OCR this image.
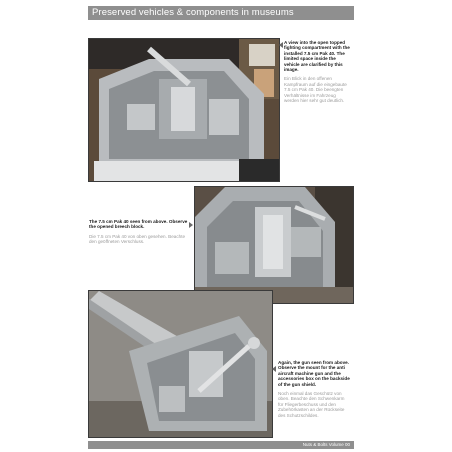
Preserved vehicles & components in museums
A view into the open topped fighting compartment with the installed 7.5 cm Pak 40. The limited space inside the vehicle are clarified by this image.
Ein Blick in den offenen Kampfraum auf die eingebaute 7.5 cm Pak 40. Die beengten Verhältnisse im Fahrzeug werden hier sehr gut deutlich.
The 7.5 cm Pak 40 seen from above. Observe the opened breech block.
Die 7.5 cm Pak 40 von oben gesehen. Beachte den geöffneten Verschluss.
Again, the gun seen from above. Observe the mount for the anti aircraft machine gun and the accessories box on the backside of the gun shield.
Noch einmal das Geschütz von oben. Beachte den Schwenkarm für Fliegerbeschuss und den Zubehörkasten an der Rückseite des Schutzschildes.
Nuts & Bolts Volume 00
